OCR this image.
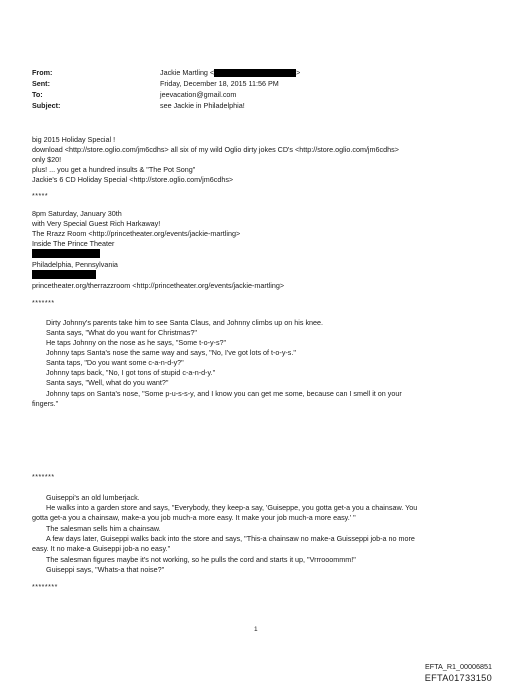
From:	Jackie Martling <	>
Sent:	Friday, December 18, 2015 11:56 PM
To:	jeevacation@gmail.com
Subject:	see Jackie in Philadelphia!
big 2015 Holiday Special !
download <http://store.oglio.com/jm6cdhs> all six of my wild Oglio dirty jokes CD's <http://store.oglio.com/jm6cdhs>
only $20!
plus! ... you get a hundred insults & "The Pot Song"
Jackie's 6 CD Holiday Special <http://store.oglio.com/jm6cdhs>
*****
8pm Saturday, January 30th
with Very Special Guest Rich Harkaway!
The Rrazz Room <http://princetheater.org/events/jackie-martling>
Inside The Prince Theater
Philadelphia, Pennsylvania
princetheater.org/therrazzroom <http://princetheater.org/events/jackie-martling>
*******
Dirty Johnny's parents take him to see Santa Claus, and Johnny climbs up on his knee.
Santa says, "What do you want for Christmas?"
He taps Johnny on the nose as he says, "Some t-o-y-s?"
Johnny taps Santa's nose the same way and says, "No, I've got lots of t-o-y-s."
Santa taps, "Do you want some c-a-n-d-y?"
Johnny taps back, "No, I got tons of stupid c-a-n-d-y."
Santa says, "Well, what do you want?"
Johnny taps on Santa's nose, "Some p-u-s-s-y, and I know you can get me some, because can I smell it on your
fingers."
*******
Guiseppi's an old lumberjack.
He walks into a garden store and says, "Everybody, they keep-a say, 'Guiseppe, you gotta get-a you a chainsaw. You
gotta get-a you a chainsaw, make-a you job much-a more easy. It make your job much-a more easy.' "
The salesman sells him a chainsaw.
A few days later, Guiseppi walks back into the store and says, "This-a chainsaw no make-a Guisseppi job-a no more
easy. It no make-a Guiseppi job-a no easy."
The salesman figures maybe it's not working, so he pulls the cord and starts it up, "Vrrrooommm!"
Guiseppi says, "Whats-a that noise?"
********
1
EFTA_R1_00006851
EFTA01733150
